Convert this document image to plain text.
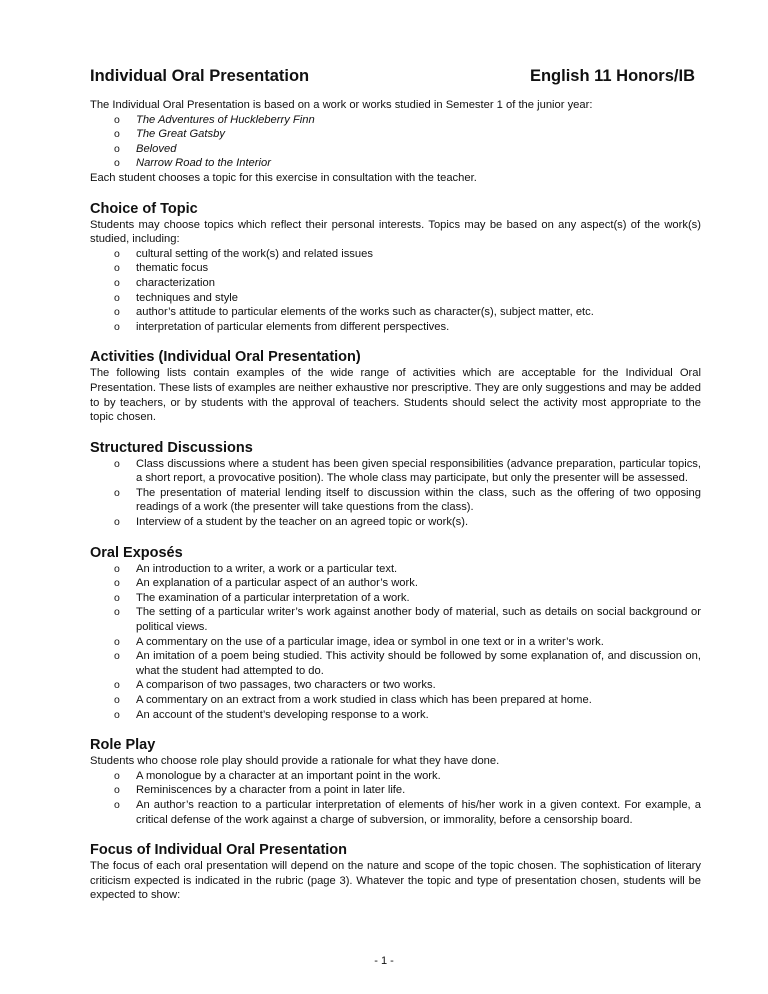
Individual Oral Presentation	English 11 Honors/IB

The Individual Oral Presentation is based on a work or works studied in Semester 1 of the junior year:

o The Adventures of Huckleberry Finn
o The Great Gatsby
o Beloved
o Narrow Road to the Interior

Each student chooses a topic for this exercise in consultation with the teacher.

Choice of Topic

Students may choose topics which reflect their personal interests. Topics may be based on any aspect(s) of the work(s) studied, including:

o cultural setting of the work(s) and related issues
o thematic focus
o characterization
o techniques and style
o author’s attitude to particular elements of the works such as character(s), subject matter, etc.
o interpretation of particular elements from different perspectives.
Activities (Individual Oral Presentation)

The following lists contain examples of the wide range of activities which are acceptable for the Individual Oral Presentation. These lists of examples are neither exhaustive nor prescriptive. They are only suggestions and may be added to by teachers, or by students with the approval of teachers. Students should select the activity most appropriate to the topic chosen.

Structured Discussions
o Class discussions where a student has been given special responsibilities (advance preparation, particular topics, a short report, a provocative position). The whole class may participate, but only the presenter will be assessed.
o The presentation of material lending itself to discussion within the class, such as the offering of two opposing readings of a work (the presenter will take questions from the class).
o Interview of a student by the teacher on an agreed topic or work(s).
Oral Exposés
o An introduction to a writer, a work or a particular text.
o An explanation of a particular aspect of an author’s work.
o The examination of a particular interpretation of a work.
o The setting of a particular writer’s work against another body of material, such as details on social background or political views.
o A commentary on the use of a particular image, idea or symbol in one text or in a writer’s work.
o An imitation of a poem being studied. This activity should be followed by some explanation of, and discussion on, what the student had attempted to do.
o A comparison of two passages, two characters or two works.
o A commentary on an extract from a work studied in class which has been prepared at home.
o An account of the student’s developing response to a work.
Role Play

Students who choose role play should provide a rationale for what they have done.

o A monologue by a character at an important point in the work.
o Reminiscences by a character from a point in later life.
o An author’s reaction to a particular interpretation of elements of his/her work in a given context. For example, a critical defense of the work against a charge of subversion, or immorality, before a censorship board.
Focus of Individual Oral Presentation

The focus of each oral presentation will depend on the nature and scope of the topic chosen. The sophistication of literary criticism expected is indicated in the rubric (page 3). Whatever the topic and type of presentation chosen, students will be expected to show:

- 1 -
